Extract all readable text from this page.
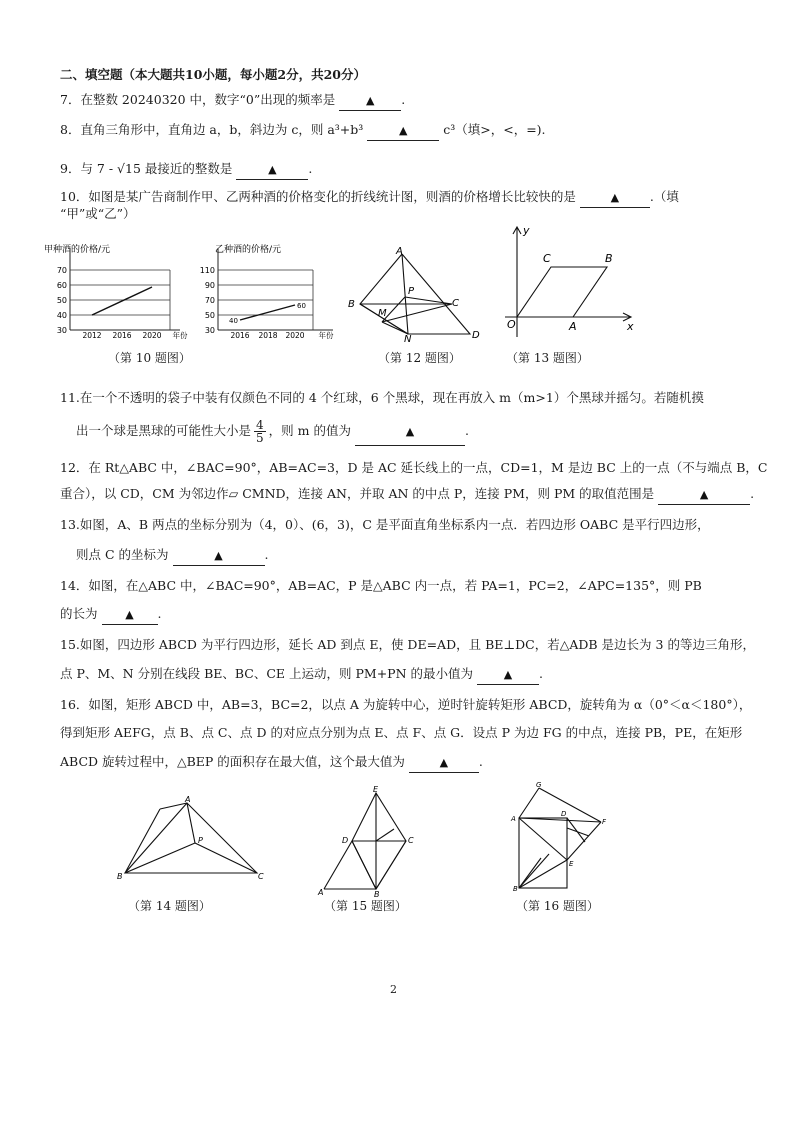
二、填空题（本大题共10小题，每小题2分，共20分）
7．在整数 20240320 中，数字“0”出现的频率是	▲ .
8．直角三角形中，直角边 a，b，斜边为 c，则 a³+b³	▲	c³（填>，<，=).
9．与 7 - √15 最接近的整数是	▲	.
10．如图是某广告商制作甲、乙两种酒的价格变化的折线统计图，则酒的价格增长比较快的是	▲ .（填
“甲”或“乙”）
甲种酒的价格/元
70
60
50
40
30
2012 2016 2020 年份
乙种酒的价格/元
110
90
70
50
30
40
60
2016 2018 2020 年份
（第 10 题图）
A
B	C
D
M
N
P
（第 12 题图）
y
C	B
O	A	x
（第 13 题图）
11.在一个不透明的袋子中装有仅颜色不同的 4 个红球，6 个黑球，现在再放入 m（m>1）个黑球并摇匀。若随机摸
出一个球是黑球的可能性大小是 $\frac{4}{5}$ ，则 m 的值为	▲	.
12．在 Rt△ABC 中，∠BAC=90°，AB=AC=3，D 是 AC 延长线上的一点，CD=1，M 是边 BC 上的一点（不与端点 B，C
重合），以 CD，CM 为邻边作▱ CMND，连接 AN，并取 AN 的中点 P，连接 PM，则 PM 的取值范围是	▲	.
13.如图，A、B 两点的坐标分别为（4，0）、(6，3)，C 是平面直角坐标系内一点．若四边形 OABC 是平行四边形，
则点 C 的坐标为	▲	.
14．如图，在△ABC 中，∠BAC=90°，AB=AC，P 是△ABC 内一点，若 PA=1，PC=2，∠APC=135°，则 PB
的长为	▲ .
15.如图，四边形 ABCD 为平行四边形，延长 AD 到点 E，使 DE=AD，且 BE⊥DC，若△ADB 是边长为 3 的等边三角形，
点 P、M、N 分别在线段 BE、BC、CE 上运动，则 PM+PN 的最小值为	▲ .
16．如图，矩形 ABCD 中，AB=3，BC=2，以点 A 为旋转中心，逆时针旋转矩形 ABCD，旋转角为 α（0°＜α＜180°），
得到矩形 AEFG，点 B、点 C、点 D 的对应点分别为点 E、点 F、点 G．设点 P 为边 FG 的中点，连接 PB，PE，在矩形
ABCD 旋转过程中，△BEP 的面积存在最大值，这个最大值为	▲ .
A
P
B	C
（第 14 题图）
E
D	C
A	B
（第 15 题图）
G
A
D
F
E
B
（第 16 题图）
2
